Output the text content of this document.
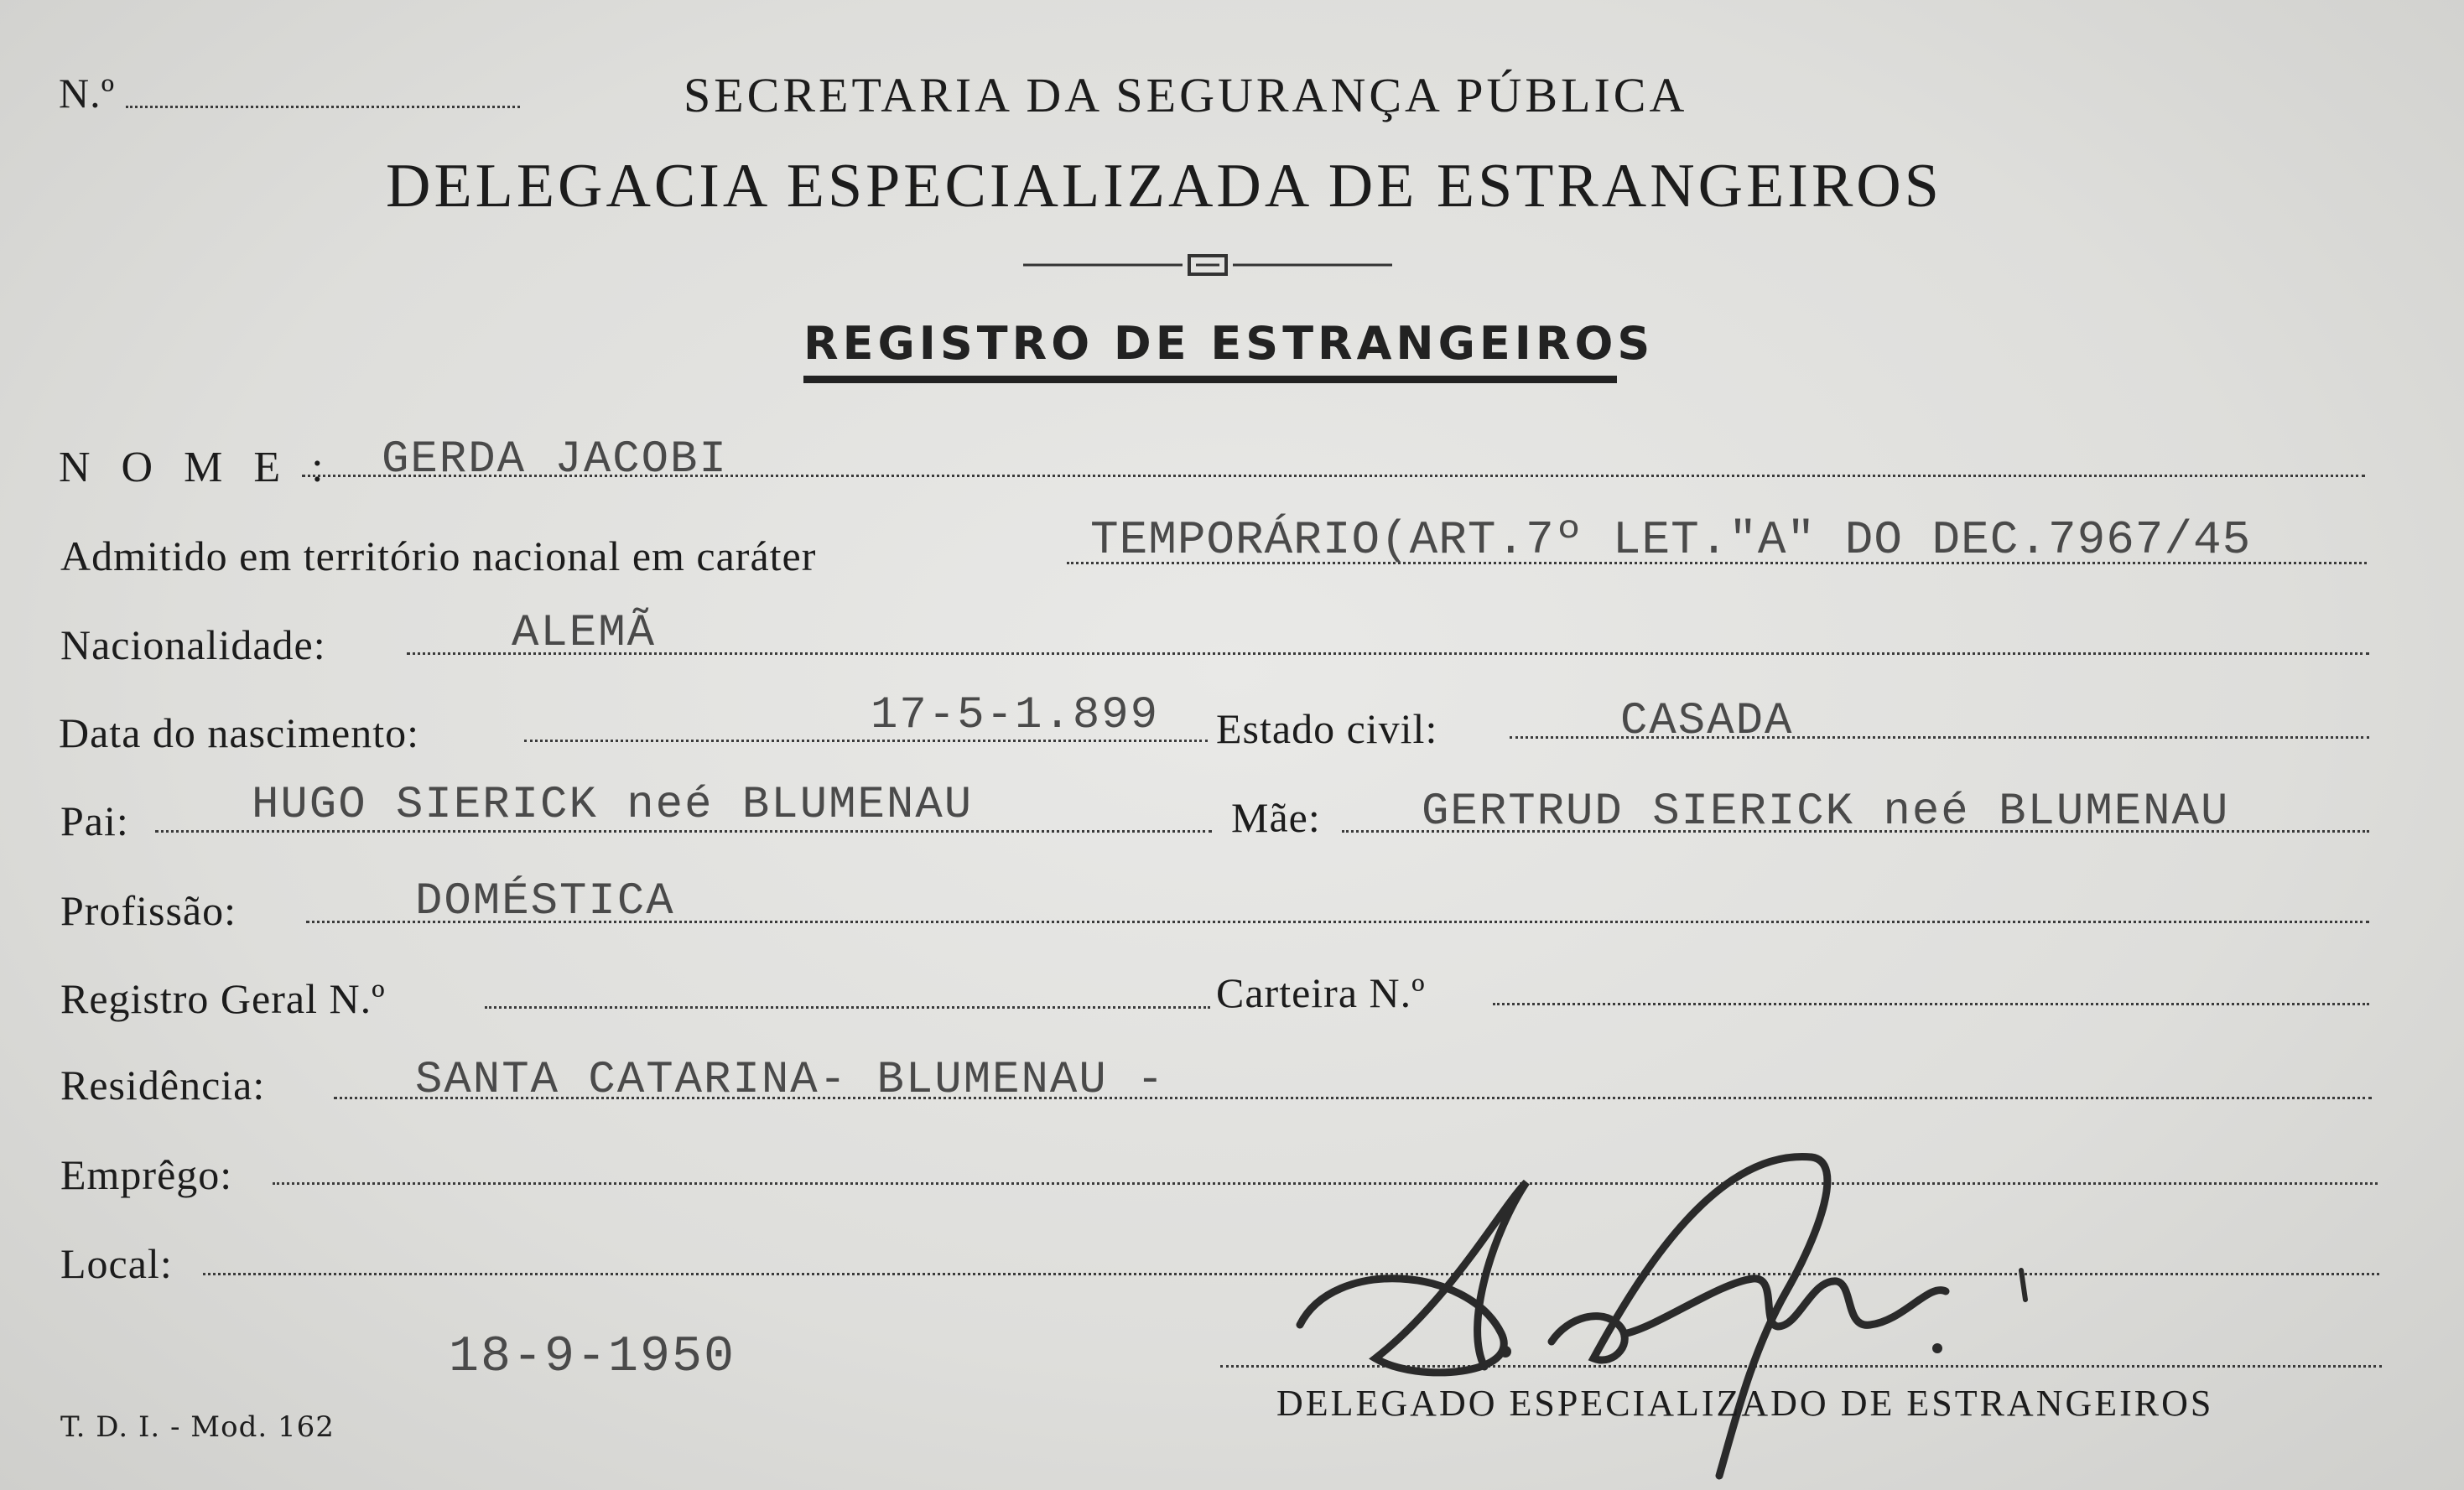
N.º	SECRETARIA DA SEGURANÇA PÚBLICA
DELEGACIA ESPECIALIZADA DE ESTRANGEIROS
REGISTRO DE ESTRANGEIROS
N O M E : GERDA JACOBI
Admitido em território nacional em caráter	TEMPORÁRIO(ART.7º LET."A" DO DEC.7967/45
Nacionalidade:	ALEMÃ
Data do nascimento:	17-5-1.899 Estado civil:	CASADA
Pai:	HUGO SIERICK neé BLUMENAU	Mãe: GERTRUD SIERICK neé BLUMENAU
Profissão:	DOMÉSTICA
Registro Geral N.º	Carteira N.º
Residência:	SANTA CATARINA- BLUMENAU -
Emprêgo:
Local:
18-9-1950
DELEGADO ESPECIALIZADO DE ESTRANGEIROS
T. D. I. - Mod. 162
